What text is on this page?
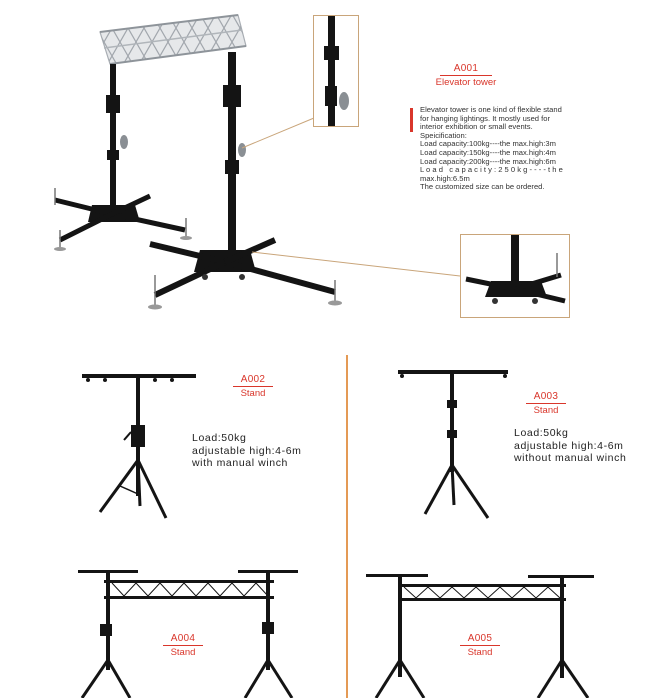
A001
Elevator tower
Elevator tower is one kind of flexible stand
for hanging lightings. It mostly used for
interior exhibition or small events.
Speicification:
Load capacity:100kg----the max.high:3m
Load capacity:150kg----the max.high:4m
Load capacity:200kg----the max.high:6m
L o a d   c a p a c i t y : 2 5 0 k g - - - - t h e
max.high:6.5m
The customized size can be ordered.
A002
Stand
Load:50kg
adjustable high:4-6m
with manual winch
A003
Stand
Load:50kg
adjustable high:4-6m
without manual winch
A004
Stand
A005
Stand
